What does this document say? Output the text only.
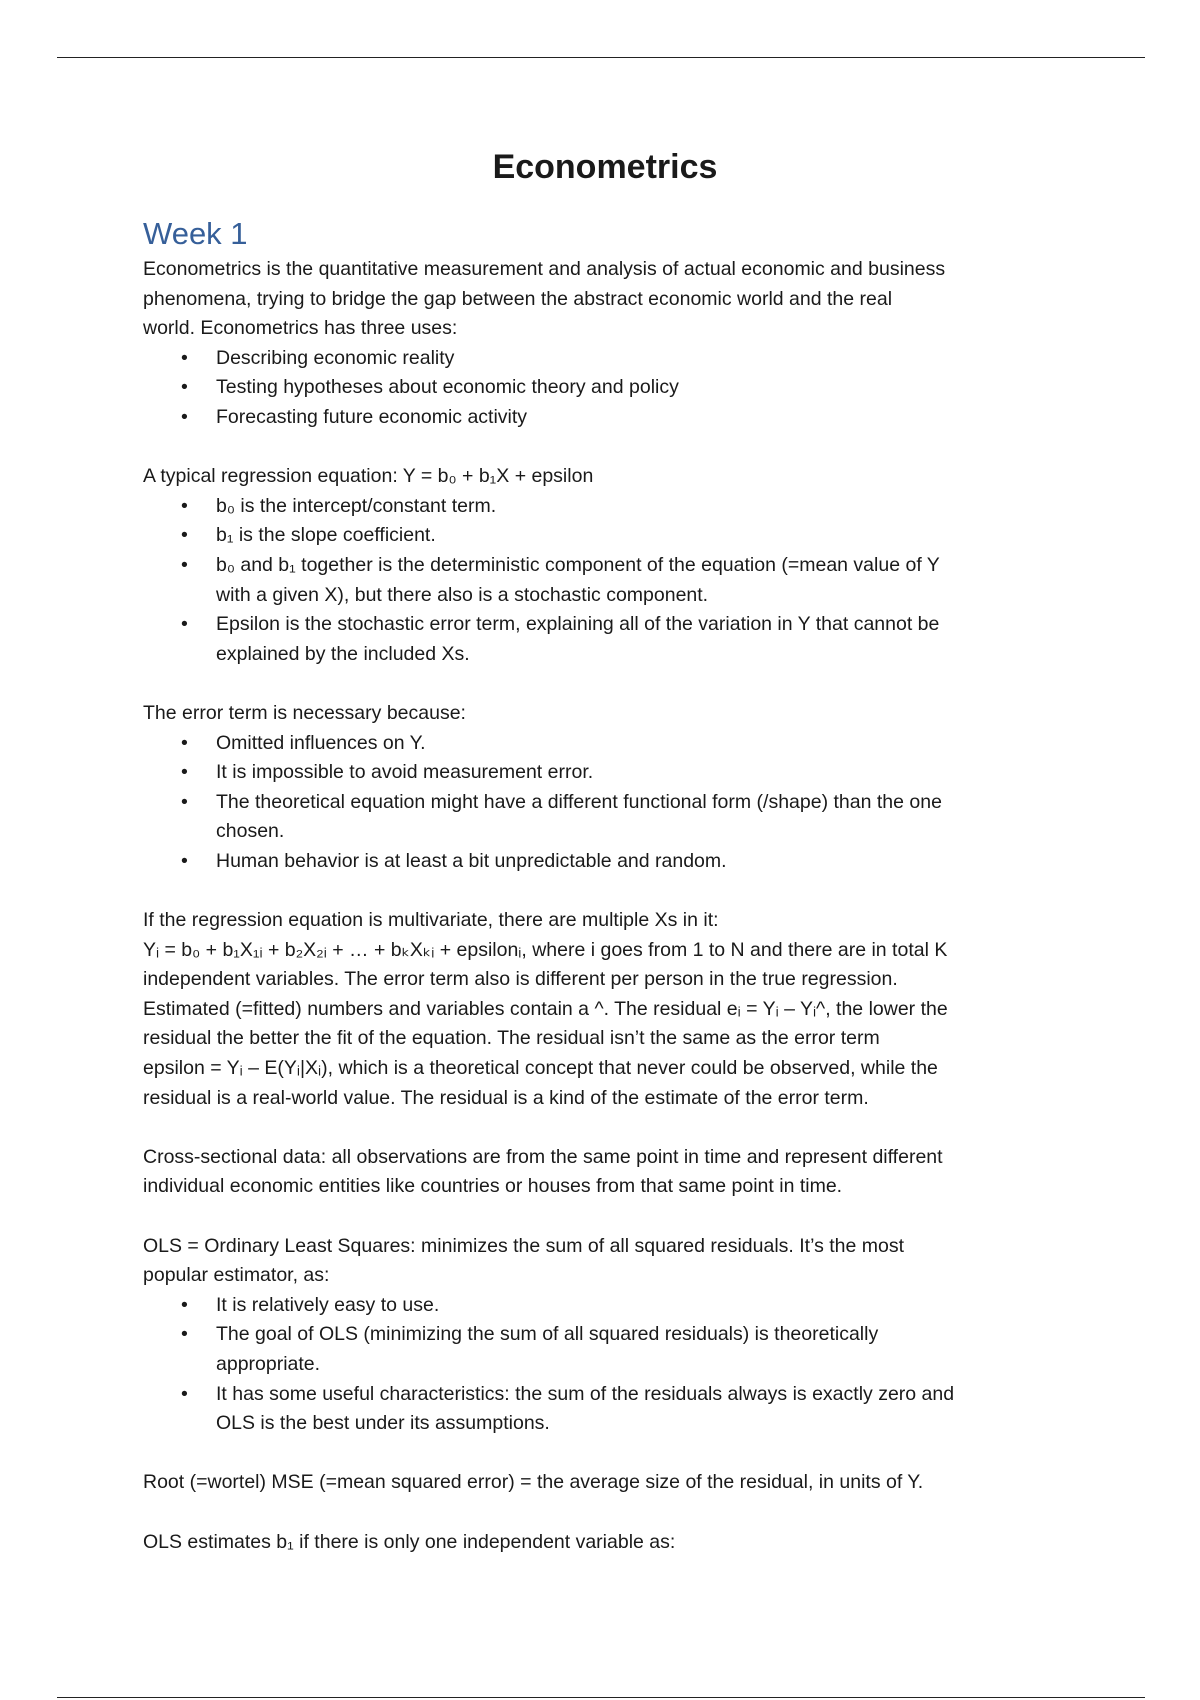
Econometrics
Week 1
Econometrics is the quantitative measurement and analysis of actual economic and business
phenomena, trying to bridge the gap between the abstract economic world and the real
world. Econometrics has three uses:
• Describing economic reality
• Testing hypotheses about economic theory and policy
• Forecasting future economic activity
A typical regression equation: Y = b₀ + b₁X + epsilon
• b₀ is the intercept/constant term.
• b₁ is the slope coefficient.
• b₀ and b₁ together is the deterministic component of the equation (=mean value of Y
with a given X), but there also is a stochastic component.
• Epsilon is the stochastic error term, explaining all of the variation in Y that cannot be
explained by the included Xs.
The error term is necessary because:
• Omitted influences on Y.
• It is impossible to avoid measurement error.
• The theoretical equation might have a different functional form (/shape) than the one
chosen.
• Human behavior is at least a bit unpredictable and random.
If the regression equation is multivariate, there are multiple Xs in it:
Yᵢ = b₀ + b₁X₁ᵢ + b₂X₂ᵢ + … + bₖXₖᵢ + epsilonᵢ, where i goes from 1 to N and there are in total K
independent variables. The error term also is different per person in the true regression.
Estimated (=fitted) numbers and variables contain a ^. The residual eᵢ = Yᵢ – Yᵢ^, the lower the
residual the better the fit of the equation. The residual isn’t the same as the error term
epsilon = Yᵢ – E(Yᵢ|Xᵢ), which is a theoretical concept that never could be observed, while the
residual is a real-world value. The residual is a kind of the estimate of the error term.
Cross-sectional data: all observations are from the same point in time and represent different
individual economic entities like countries or houses from that same point in time.
OLS = Ordinary Least Squares: minimizes the sum of all squared residuals. It’s the most
popular estimator, as:
• It is relatively easy to use.
• The goal of OLS (minimizing the sum of all squared residuals) is theoretically
appropriate.
• It has some useful characteristics: the sum of the residuals always is exactly zero and
OLS is the best under its assumptions.
Root (=wortel) MSE (=mean squared error) = the average size of the residual, in units of Y.
OLS estimates b₁ if there is only one independent variable as:
